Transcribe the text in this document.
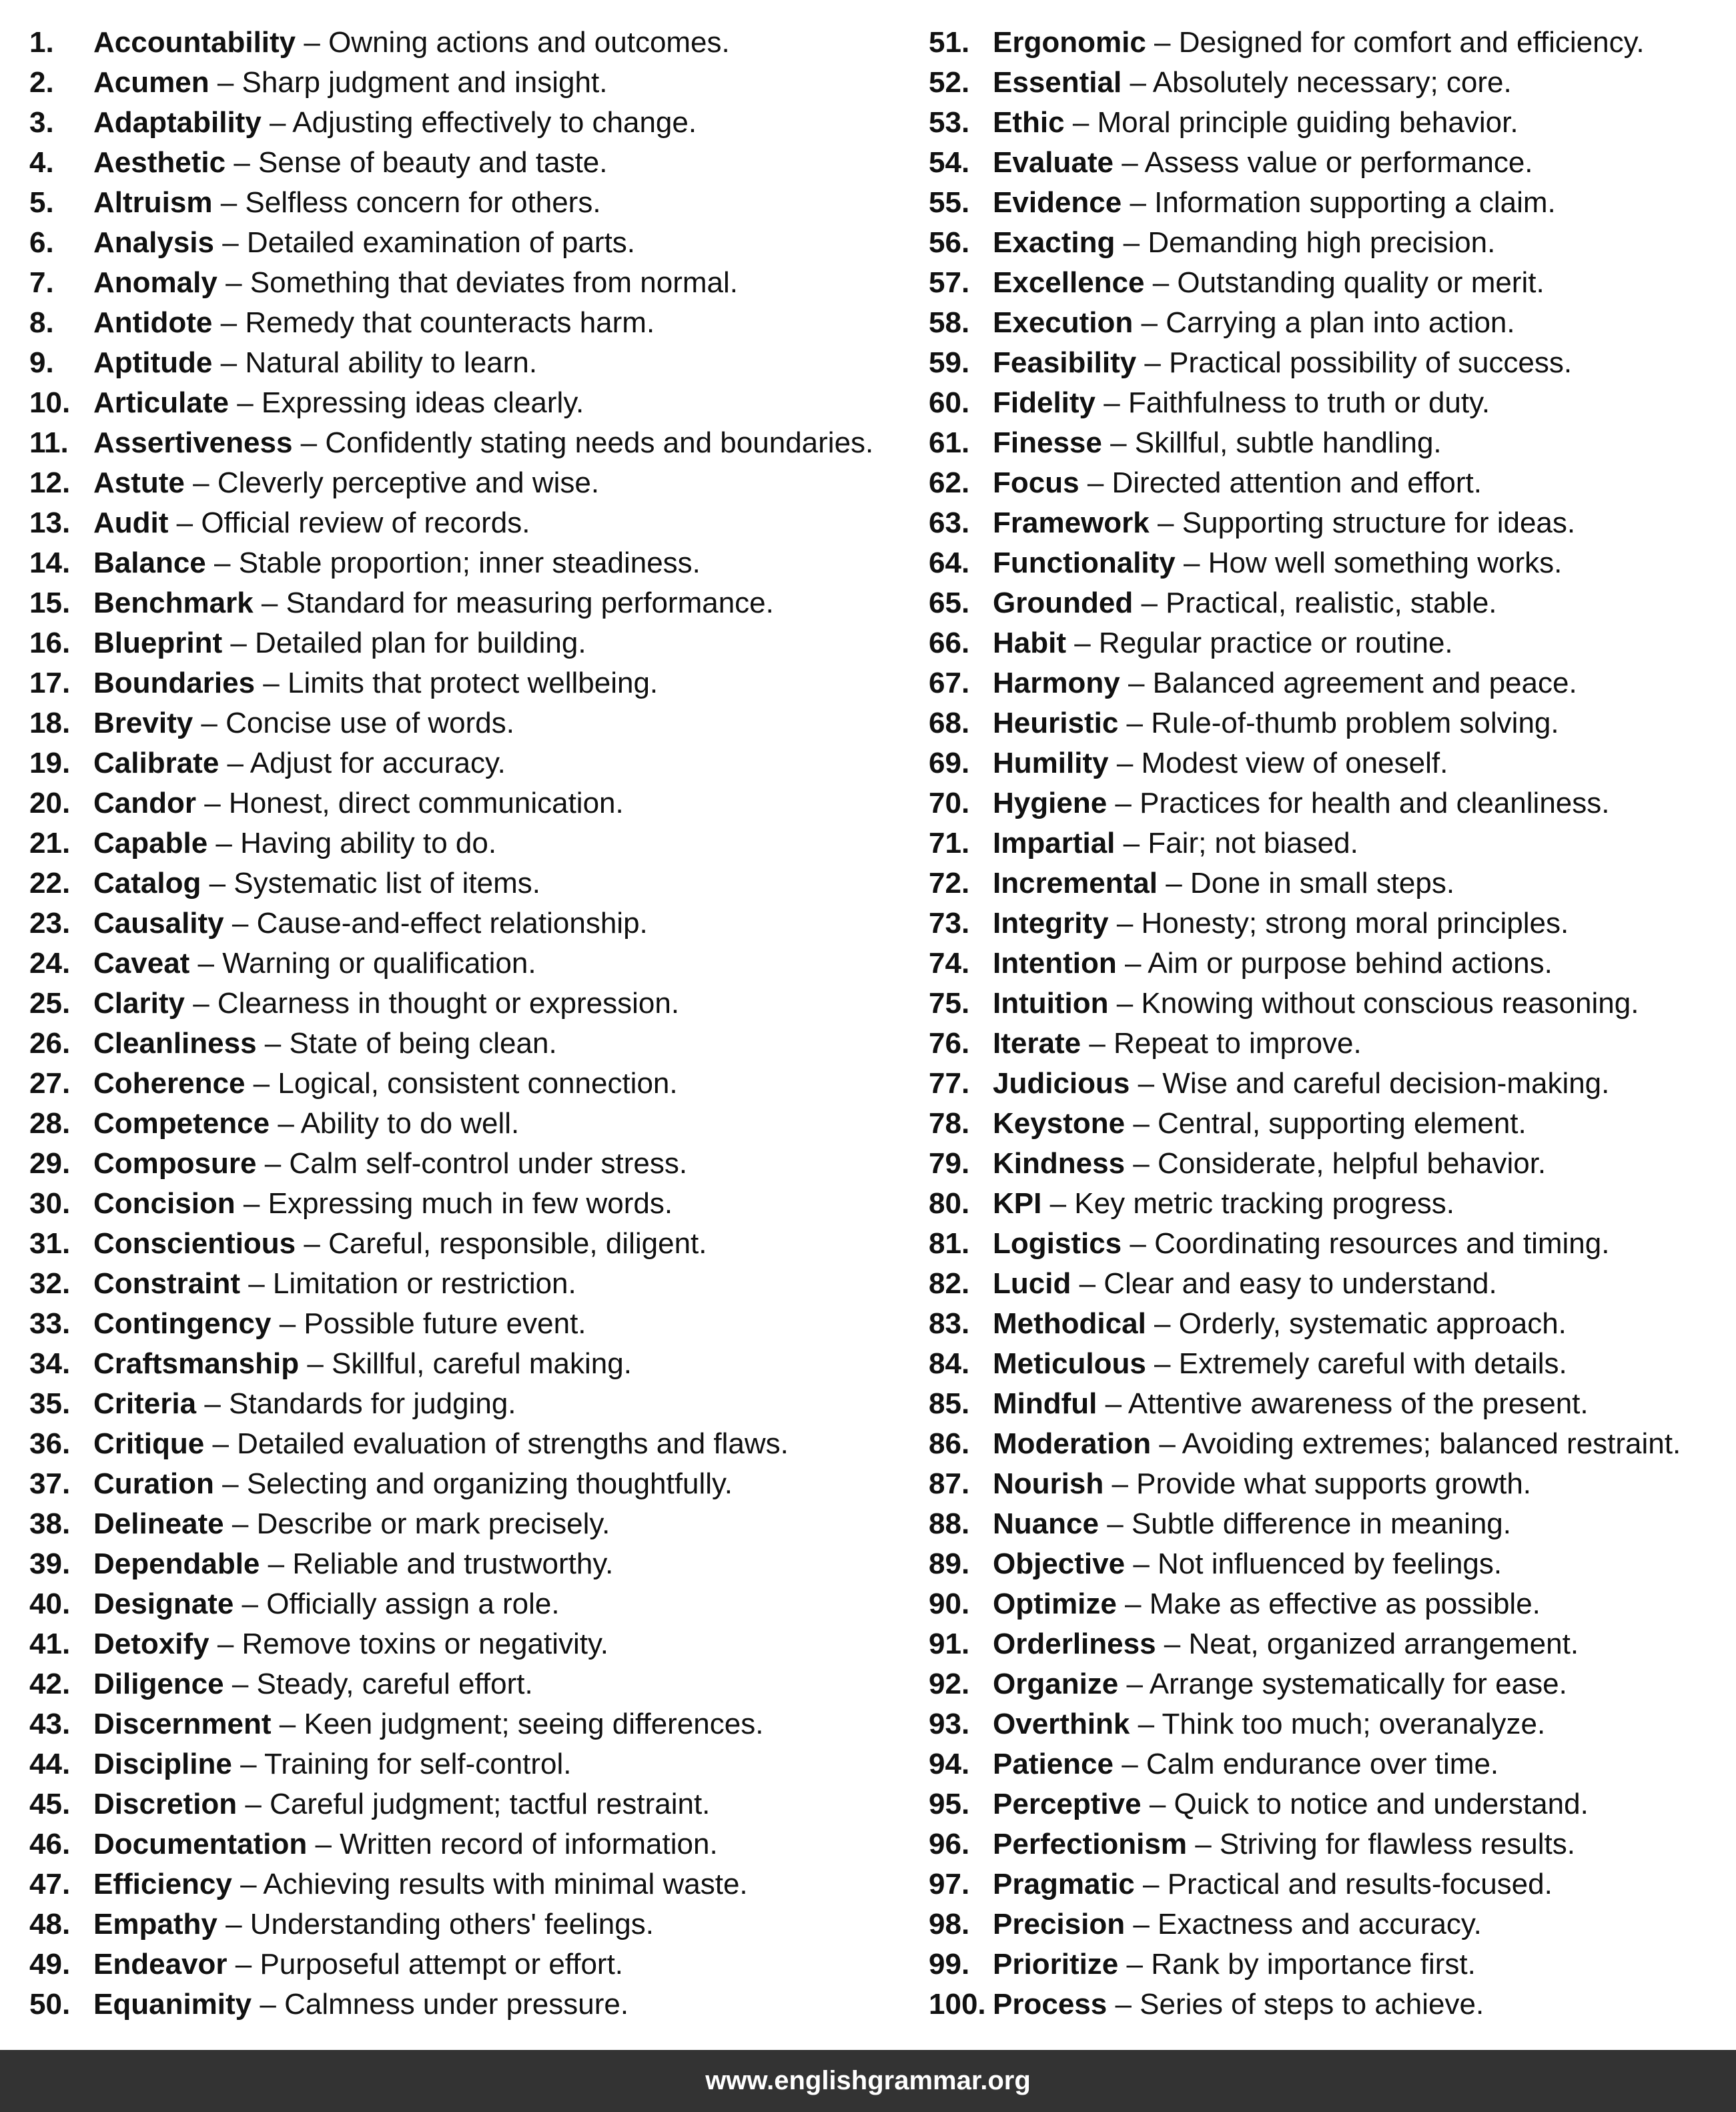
1. Accountability – Owning actions and outcomes.
2. Acumen – Sharp judgment and insight.
3. Adaptability – Adjusting effectively to change.
4. Aesthetic – Sense of beauty and taste.
5. Altruism – Selfless concern for others.
6. Analysis – Detailed examination of parts.
7. Anomaly – Something that deviates from normal.
8. Antidote – Remedy that counteracts harm.
9. Aptitude – Natural ability to learn.
10. Articulate – Expressing ideas clearly.
11. Assertiveness – Confidently stating needs and boundaries.
12. Astute – Cleverly perceptive and wise.
13. Audit – Official review of records.
14. Balance – Stable proportion; inner steadiness.
15. Benchmark – Standard for measuring performance.
16. Blueprint – Detailed plan for building.
17. Boundaries – Limits that protect wellbeing.
18. Brevity – Concise use of words.
19. Calibrate – Adjust for accuracy.
20. Candor – Honest, direct communication.
21. Capable – Having ability to do.
22. Catalog – Systematic list of items.
23. Causality – Cause-and-effect relationship.
24. Caveat – Warning or qualification.
25. Clarity – Clearness in thought or expression.
26. Cleanliness – State of being clean.
27. Coherence – Logical, consistent connection.
28. Competence – Ability to do well.
29. Composure – Calm self-control under stress.
30. Concision – Expressing much in few words.
31. Conscientious – Careful, responsible, diligent.
32. Constraint – Limitation or restriction.
33. Contingency – Possible future event.
34. Craftsmanship – Skillful, careful making.
35. Criteria – Standards for judging.
36. Critique – Detailed evaluation of strengths and flaws.
37. Curation – Selecting and organizing thoughtfully.
38. Delineate – Describe or mark precisely.
39. Dependable – Reliable and trustworthy.
40. Designate – Officially assign a role.
41. Detoxify – Remove toxins or negativity.
42. Diligence – Steady, careful effort.
43. Discernment – Keen judgment; seeing differences.
44. Discipline – Training for self-control.
45. Discretion – Careful judgment; tactful restraint.
46. Documentation – Written record of information.
47. Efficiency – Achieving results with minimal waste.
48. Empathy – Understanding others' feelings.
49. Endeavor – Purposeful attempt or effort.
50. Equanimity – Calmness under pressure.
51. Ergonomic – Designed for comfort and efficiency.
52. Essential – Absolutely necessary; core.
53. Ethic – Moral principle guiding behavior.
54. Evaluate – Assess value or performance.
55. Evidence – Information supporting a claim.
56. Exacting – Demanding high precision.
57. Excellence – Outstanding quality or merit.
58. Execution – Carrying a plan into action.
59. Feasibility – Practical possibility of success.
60. Fidelity – Faithfulness to truth or duty.
61. Finesse – Skillful, subtle handling.
62. Focus – Directed attention and effort.
63. Framework – Supporting structure for ideas.
64. Functionality – How well something works.
65. Grounded – Practical, realistic, stable.
66. Habit – Regular practice or routine.
67. Harmony – Balanced agreement and peace.
68. Heuristic – Rule-of-thumb problem solving.
69. Humility – Modest view of oneself.
70. Hygiene – Practices for health and cleanliness.
71. Impartial – Fair; not biased.
72. Incremental – Done in small steps.
73. Integrity – Honesty; strong moral principles.
74. Intention – Aim or purpose behind actions.
75. Intuition – Knowing without conscious reasoning.
76. Iterate – Repeat to improve.
77. Judicious – Wise and careful decision-making.
78. Keystone – Central, supporting element.
79. Kindness – Considerate, helpful behavior.
80. KPI – Key metric tracking progress.
81. Logistics – Coordinating resources and timing.
82. Lucid – Clear and easy to understand.
83. Methodical – Orderly, systematic approach.
84. Meticulous – Extremely careful with details.
85. Mindful – Attentive awareness of the present.
86. Moderation – Avoiding extremes; balanced restraint.
87. Nourish – Provide what supports growth.
88. Nuance – Subtle difference in meaning.
89. Objective – Not influenced by feelings.
90. Optimize – Make as effective as possible.
91. Orderliness – Neat, organized arrangement.
92. Organize – Arrange systematically for ease.
93. Overthink – Think too much; overanalyze.
94. Patience – Calm endurance over time.
95. Perceptive – Quick to notice and understand.
96. Perfectionism – Striving for flawless results.
97. Pragmatic – Practical and results-focused.
98. Precision – Exactness and accuracy.
99. Prioritize – Rank by importance first.
100. Process – Series of steps to achieve.
www.englishgrammar.org
